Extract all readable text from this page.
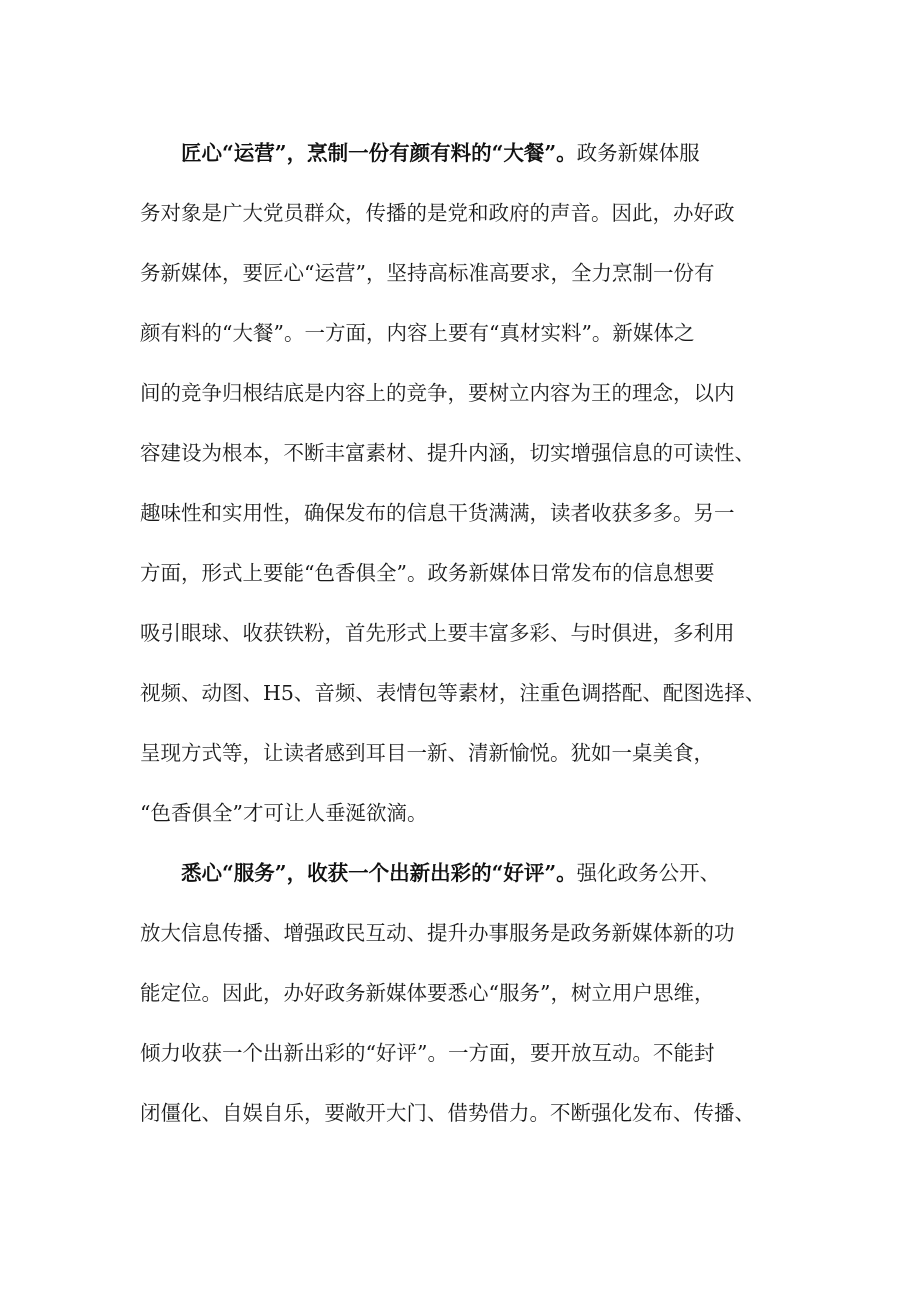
匠心“运营”，烹制一份有颜有料的“大餐”。政务新媒体服
务对象是广大党员群众，传播的是党和政府的声音。因此，办好政
务新媒体，要匠心“运营”，坚持高标准高要求，全力烹制一份有
颜有料的“大餐”。一方面，内容上要有“真材实料”。新媒体之
间的竞争归根结底是内容上的竞争，要树立内容为王的理念，以内
容建设为根本，不断丰富素材、提升内涵，切实增强信息的可读性、
趣味性和实用性，确保发布的信息干货满满，读者收获多多。另一
方面，形式上要能“色香俱全”。政务新媒体日常发布的信息想要
吸引眼球、收获铁粉，首先形式上要丰富多彩、与时俱进，多利用
视频、动图、H5、音频、表情包等素材，注重色调搭配、配图选择、
呈现方式等，让读者感到耳目一新、清新愉悦。犹如一桌美食，
“色香俱全”才可让人垂涎欲滴。
悉心“服务”，收获一个出新出彩的“好评”。强化政务公开、
放大信息传播、增强政民互动、提升办事服务是政务新媒体新的功
能定位。因此，办好政务新媒体要悉心“服务”，树立用户思维，
倾力收获一个出新出彩的“好评”。一方面，要开放互动。不能封
闭僵化、自娱自乐，要敞开大门、借势借力。不断强化发布、传播、
